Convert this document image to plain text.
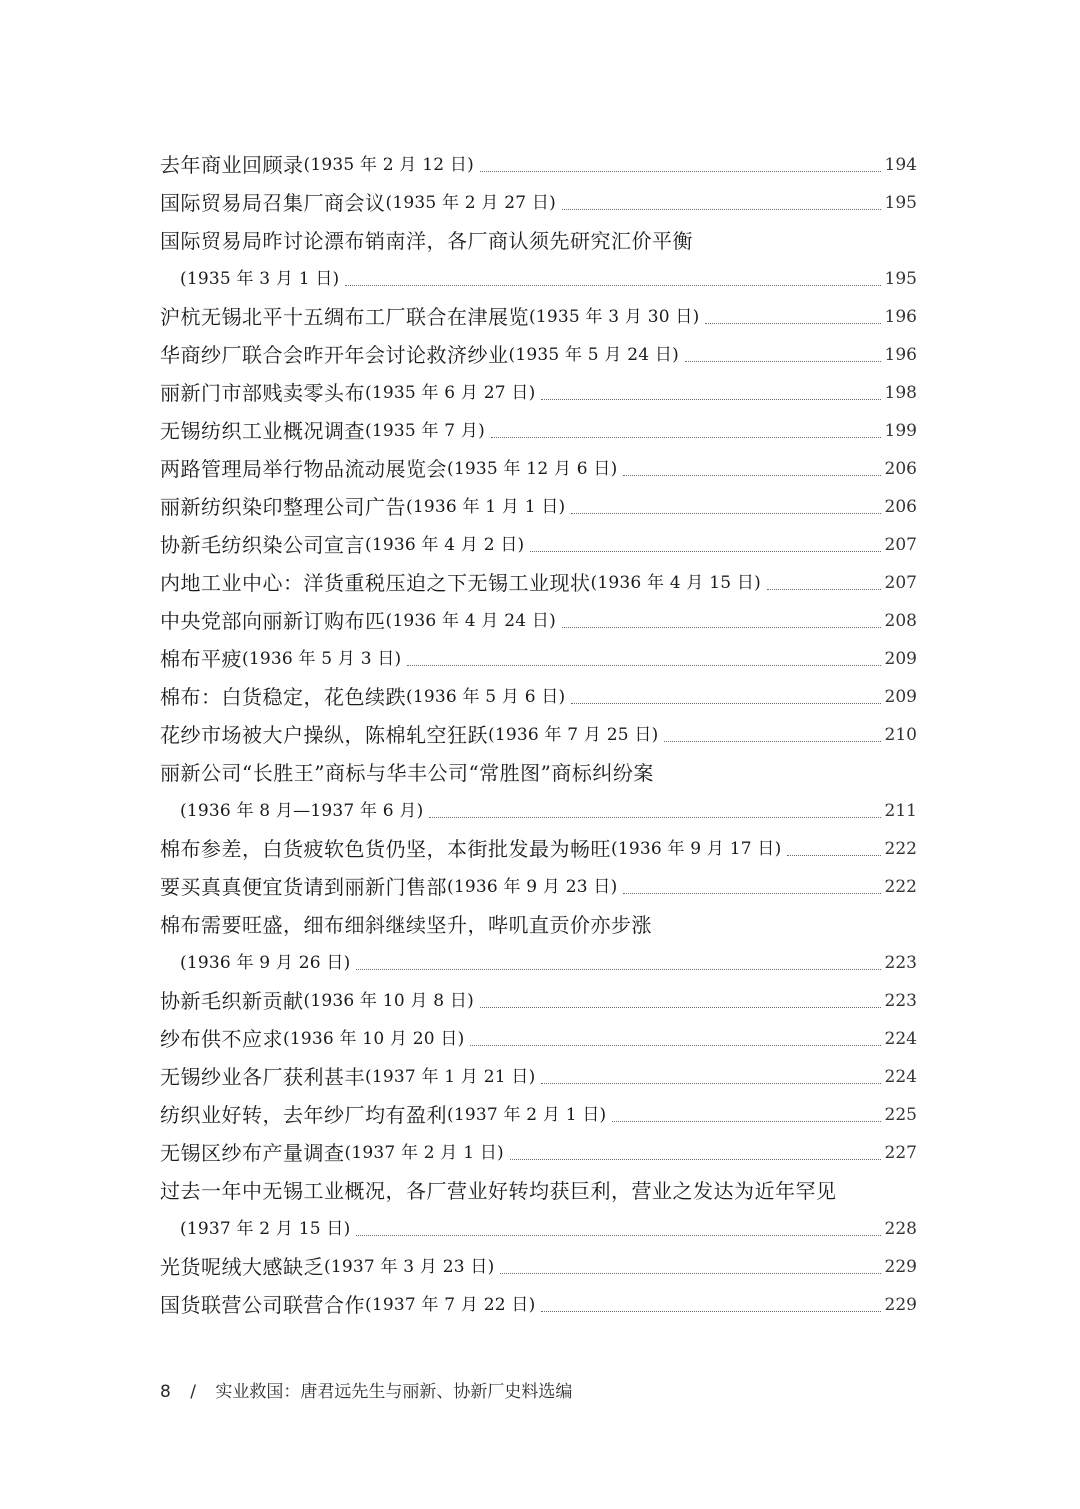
去年商业回顾录 (1935 年 2 月 12 日)	194
国际贸易局召集厂商会议 (1935 年 2 月 27 日)	195
国际贸易局昨讨论漂布销南洋，各厂商认须先研究汇价平衡
(1935 年 3 月 1 日)	195
沪杭无锡北平十五绸布工厂联合在津展览 (1935 年 3 月 30 日)	196
华商纱厂联合会昨开年会讨论救济纱业 (1935 年 5 月 24 日)	196
丽新门市部贱卖零头布 (1935 年 6 月 27 日)	198
无锡纺织工业概况调查 (1935 年 7 月)	199
两路管理局举行物品流动展览会 (1935 年 12 月 6 日)	206
丽新纺织染印整理公司广告 (1936 年 1 月 1 日)	206
协新毛纺织染公司宣言 (1936 年 4 月 2 日)	207
内地工业中心：洋货重税压迫之下无锡工业现状 (1936 年 4 月 15 日)	207
中央党部向丽新订购布匹 (1936 年 4 月 24 日)	208
棉布平疲 (1936 年 5 月 3 日)	209
棉布：白货稳定，花色续跌 (1936 年 5 月 6 日)	209
花纱市场被大户操纵，陈棉轧空狂跃 (1936 年 7 月 25 日)	210
丽新公司“长胜王”商标与华丰公司“常胜图”商标纠纷案
(1936 年 8 月—1937 年 6 月)	211
棉布参差，白货疲软色货仍坚，本街批发最为畅旺 (1936 年 9 月 17 日)	222
要买真真便宜货请到丽新门售部 (1936 年 9 月 23 日)	222
棉布需要旺盛，细布细斜继续坚升，哔叽直贡价亦步涨
(1936 年 9 月 26 日)	223
协新毛织新贡献 (1936 年 10 月 8 日)	223
纱布供不应求 (1936 年 10 月 20 日)	224
无锡纱业各厂获利甚丰 (1937 年 1 月 21 日)	224
纺织业好转，去年纱厂均有盈利 (1937 年 2 月 1 日)	225
无锡区纱布产量调查 (1937 年 2 月 1 日)	227
过去一年中无锡工业概况，各厂营业好转均获巨利，营业之发达为近年罕见
(1937 年 2 月 15 日)	228
光货呢绒大感缺乏 (1937 年 3 月 23 日)	229
国货联营公司联营合作 (1937 年 7 月 22 日)	229
8 / 实业救国：唐君远先生与丽新、协新厂史料选编
